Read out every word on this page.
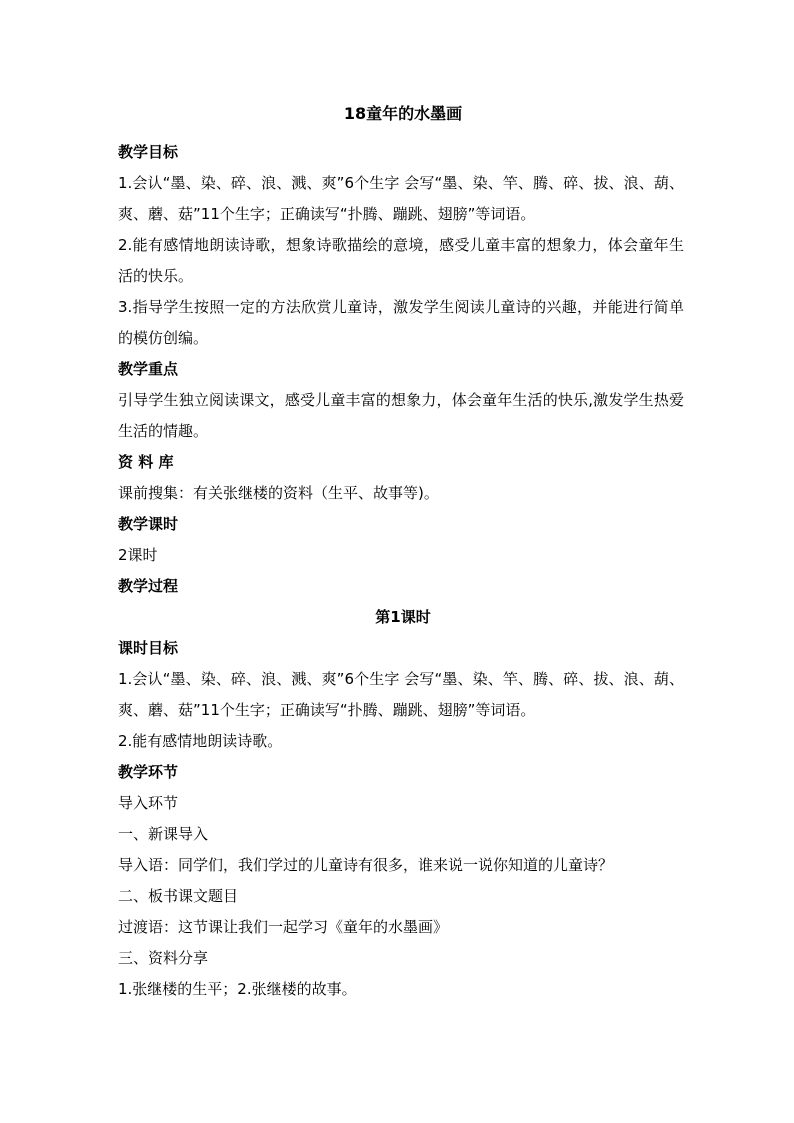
18童年的水墨画
教学目标

1.会认“墨、染、碎、浪、溅、爽”6个生字 会写“墨、染、竿、腾、碎、拔、浪、葫、爽、蘑、菇”11个生字；正确读写“扑腾、蹦跳、翅膀”等词语。

2.能有感情地朗读诗歌，想象诗歌描绘的意境，感受儿童丰富的想象力，体会童年生活的快乐。

3.指导学生按照一定的方法欣赏儿童诗，激发学生阅读儿童诗的兴趣，并能进行简单的模仿创编。

教学重点

引导学生独立阅读课文，感受儿童丰富的想象力，体会童年生活的快乐,激发学生热爱生活的情趣。

资 料 库

课前搜集：有关张继楼的资料（生平、故事等)。

教学课时

2课时

教学过程
第1课时
课时目标

1.会认“墨、染、碎、浪、溅、爽”6个生字 会写“墨、染、竿、腾、碎、拔、浪、葫、爽、蘑、菇”11个生字；正确读写“扑腾、蹦跳、翅膀”等词语。

2.能有感情地朗读诗歌。

教学环节

导入环节

一、新课导入

导入语：同学们，我们学过的儿童诗有很多，谁来说一说你知道的儿童诗？

二、板书课文题目

过渡语：这节课让我们一起学习《童年的水墨画》

三、资料分享

1.张继楼的生平；2.张继楼的故事。
